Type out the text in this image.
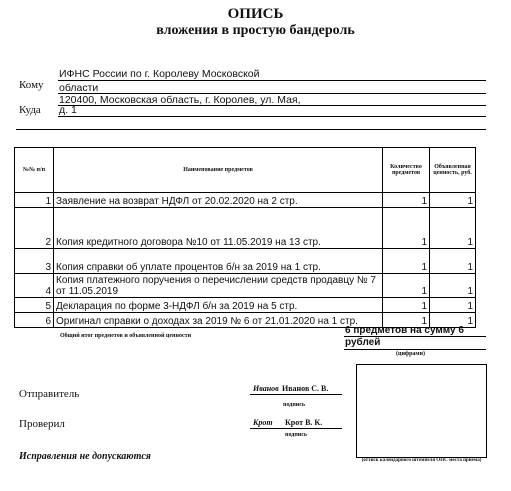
ОПИСЬ
вложения в простую бандероль
Кому
ИФНС России по г. Королеву Московской
области
120400, Московская область, г. Королев, ул. Мая,
Куда д. 1
№№ п/п	Наименование предметов	Количество предметов	Объявленная ценность, руб.
1	Заявление на возврат НДФЛ от 20.02.2020 на 2 стр.	1	1
2	Копия кредитного договора №10 от 11.05.2019 на 13 стр.	1	1
3	Копия справки об уплате процентов б/н за 2019 на 1 стр.	1	1
4	Копия платежного поручения о перечислении средств продавцу № 7 от 11.05.2019	1	1
5	Декларация по форме 3-НДФЛ б/н за 2019 на 5 стр.	1	1
6	Оригинал справки о доходах за 2019 № 6 от 21.01.2020 на 1 стр.	1	1
Общий итог предметов и объявленной ценности	6 предметов на сумму 6
рублей
(цифрами)
Отправитель	Иванов Иванов С. В.
подпись
Проверил	Крот Крот В. К.
подпись
Исправления не допускаются	(оттиск календарного штемпеля ОПС места приема)
